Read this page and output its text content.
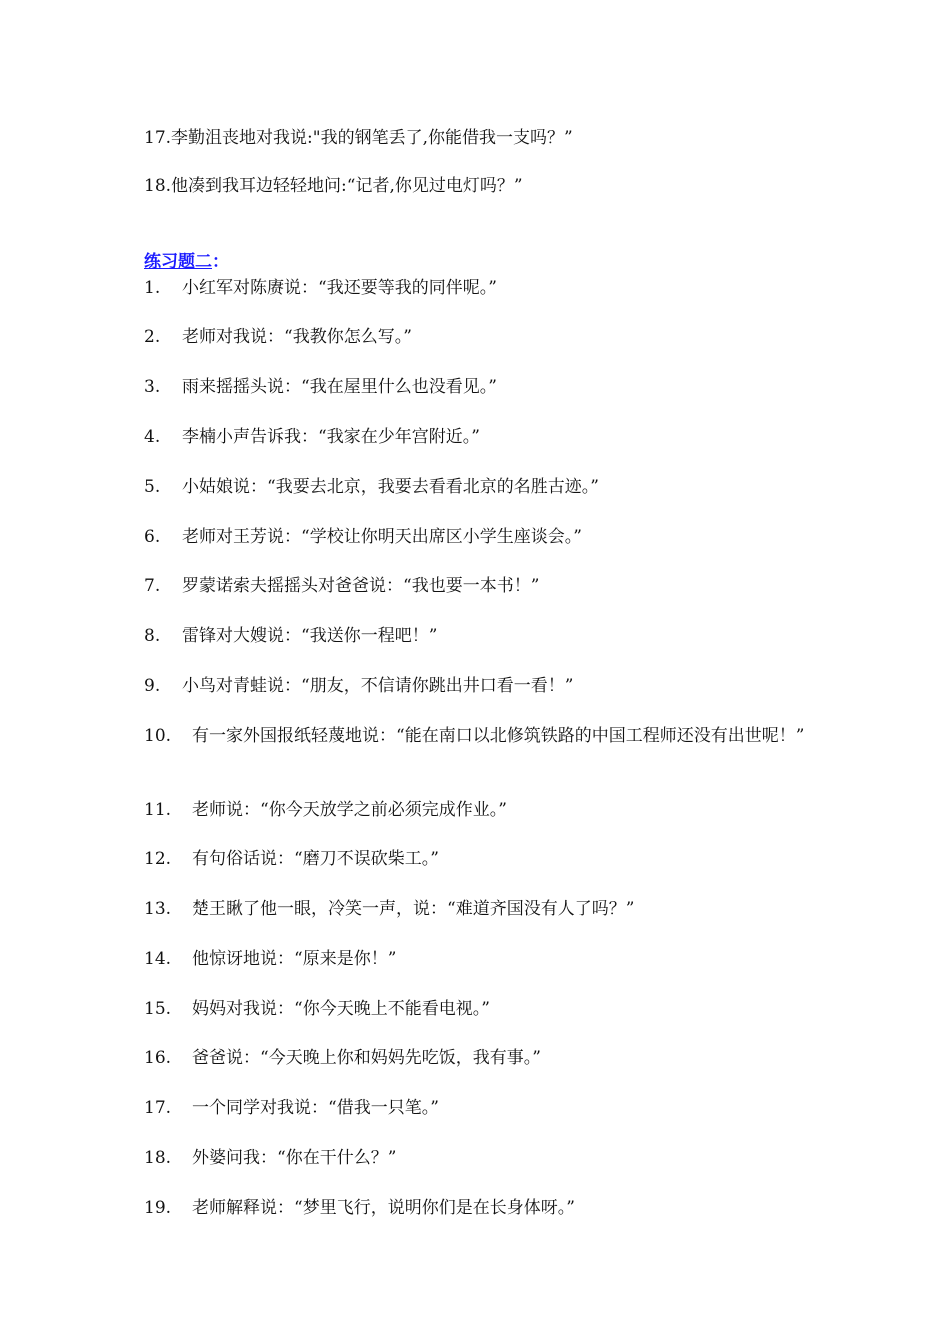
17.李勤沮丧地对我说:"我的钢笔丢了,你能借我一支吗？”
18.他凑到我耳边轻轻地问:“记者,你见过电灯吗？”
练习题二：
1. 小红军对陈赓说：“我还要等我的同伴呢。”
2. 老师对我说：“我教你怎么写。”
3. 雨来摇摇头说：“我在屋里什么也没看见。”
4. 李楠小声告诉我：“我家在少年宫附近。”
5. 小姑娘说：“我要去北京，我要去看看北京的名胜古迹。”
6. 老师对王芳说：“学校让你明天出席区小学生座谈会。”
7. 罗蒙诺索夫摇摇头对爸爸说：“我也要一本书！”
8. 雷锋对大嫂说：“我送你一程吧！”
9. 小鸟对青蛙说：“朋友，不信请你跳出井口看一看！”
10. 有一家外国报纸轻蔑地说：“能在南口以北修筑铁路的中国工程师还没有出世呢！”
11. 老师说：“你今天放学之前必须完成作业。”
12. 有句俗话说：“磨刀不误砍柴工。”
13. 楚王瞅了他一眼，冷笑一声，说：“难道齐国没有人了吗？”
14. 他惊讶地说：“原来是你！”
15. 妈妈对我说：“你今天晚上不能看电视。”
16. 爸爸说：“今天晚上你和妈妈先吃饭，我有事。”
17. 一个同学对我说：“借我一只笔。”
18. 外婆问我：“你在干什么？”
19. 老师解释说：“梦里飞行，说明你们是在长身体呀。”
